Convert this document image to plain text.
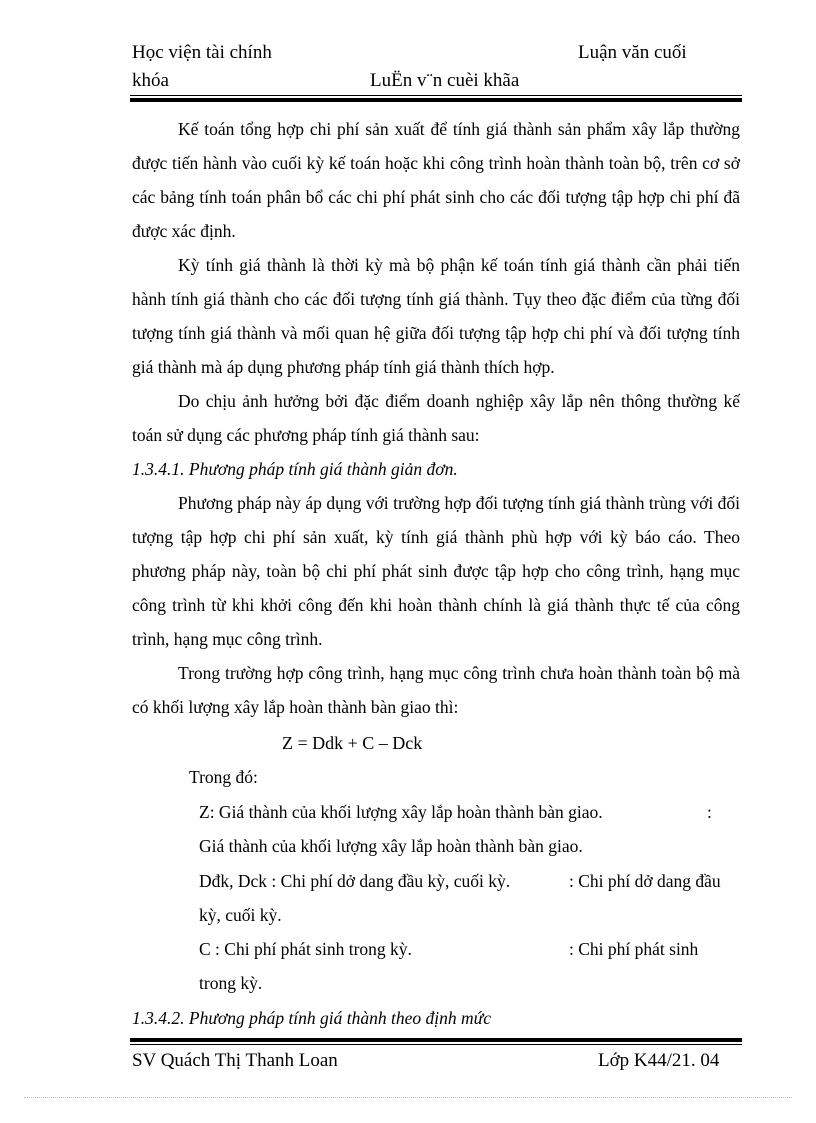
Học viện tài chính	Luận văn cuối
khóa	LuËn v¨n cuèi khãa
Kế toán tổng hợp chi phí sản xuất để tính giá thành sản phẩm xây lắp thường được tiến hành vào cuối kỳ kế toán hoặc khi công trình hoàn thành toàn bộ, trên cơ sở các bảng tính toán phân bổ các chi phí phát sinh cho các đối tượng tập hợp chi phí đã được xác định.
Kỳ tính giá thành là thời kỳ mà bộ phận kế toán tính giá thành cần phải tiến hành tính giá thành cho các đối tượng tính giá thành. Tụy theo đặc điểm của từng đối tượng tính giá thành và mối quan hệ giữa đối tượng tập hợp chi phí và đối tượng tính giá thành mà áp dụng phương pháp tính giá thành thích hợp.
Do chịu ảnh hưởng bởi đặc điểm doanh nghiệp xây lắp nên thông thường kế toán sử dụng các phương pháp tính giá thành sau:
1.3.4.1. Phương pháp tính giá thành giản đơn.
Phương pháp này áp dụng với trường hợp đối tượng tính giá thành trùng với đối tượng tập hợp chi phí sản xuất, kỳ tính giá thành phù hợp với kỳ báo cáo. Theo phương pháp này, toàn bộ chi phí phát sinh được tập hợp cho công trình, hạng mục công trình từ khi khởi công đến khi hoàn thành chính là giá thành thực tế của công trình, hạng mục công trình.
Trong trường hợp công trình, hạng mục công trình chưa hoàn thành toàn bộ mà có khối lượng xây lắp hoàn thành bàn giao thì:
Z = Ddk + C – Dck
Trong đó:
Z: Giá thành của khối lượng xây lắp hoàn thành bàn giao.	:
Giá thành của khối lượng xây lắp hoàn thành bàn giao.
Dđk, Dck : Chi phí dở dang đầu kỳ, cuối kỳ.	: Chi phí dở dang đầu
kỳ, cuối kỳ.
C : Chi phí phát sinh trong kỳ.	: Chi phí phát sinh
trong kỳ.
1.3.4.2. Phương pháp tính giá thành theo định mức
SV Quách Thị Thanh Loan	Lớp K44/21. 04
